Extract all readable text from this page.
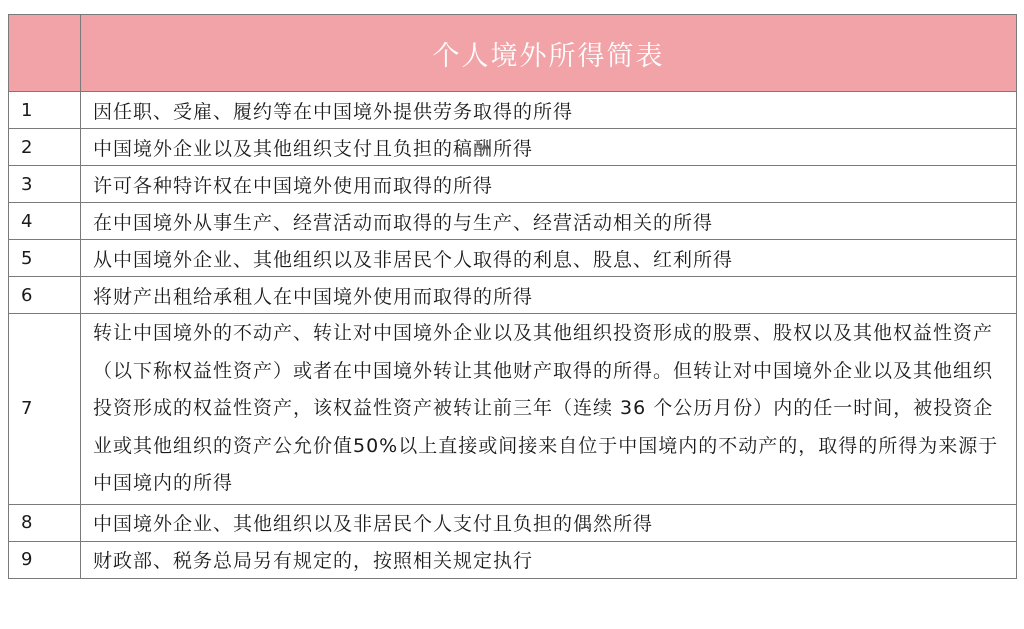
	个人境外所得简表
1	因任职、受雇、履约等在中国境外提供劳务取得的所得
2	中国境外企业以及其他组织支付且负担的稿酬所得
3	许可各种特许权在中国境外使用而取得的所得
4	在中国境外从事生产、经营活动而取得的与生产、经营活动相关的所得
5	从中国境外企业、其他组织以及非居民个人取得的利息、股息、红利所得
6	将财产出租给承租人在中国境外使用而取得的所得
7	转让中国境外的不动产、转让对中国境外企业以及其他组织投资形成的股票、股权以及其他权益性资产（以下称权益性资产）或者在中国境外转让其他财产取得的所得。但转让对中国境外企业以及其他组织投资形成的权益性资产，该权益性资产被转让前三年（连续 36 个公历月份）内的任一时间，被投资企业或其他组织的资产公允价值50%以上直接或间接来自位于中国境内的不动产的，取得的所得为来源于中国境内的所得
8	中国境外企业、其他组织以及非居民个人支付且负担的偶然所得
9	财政部、税务总局另有规定的，按照相关规定执行
